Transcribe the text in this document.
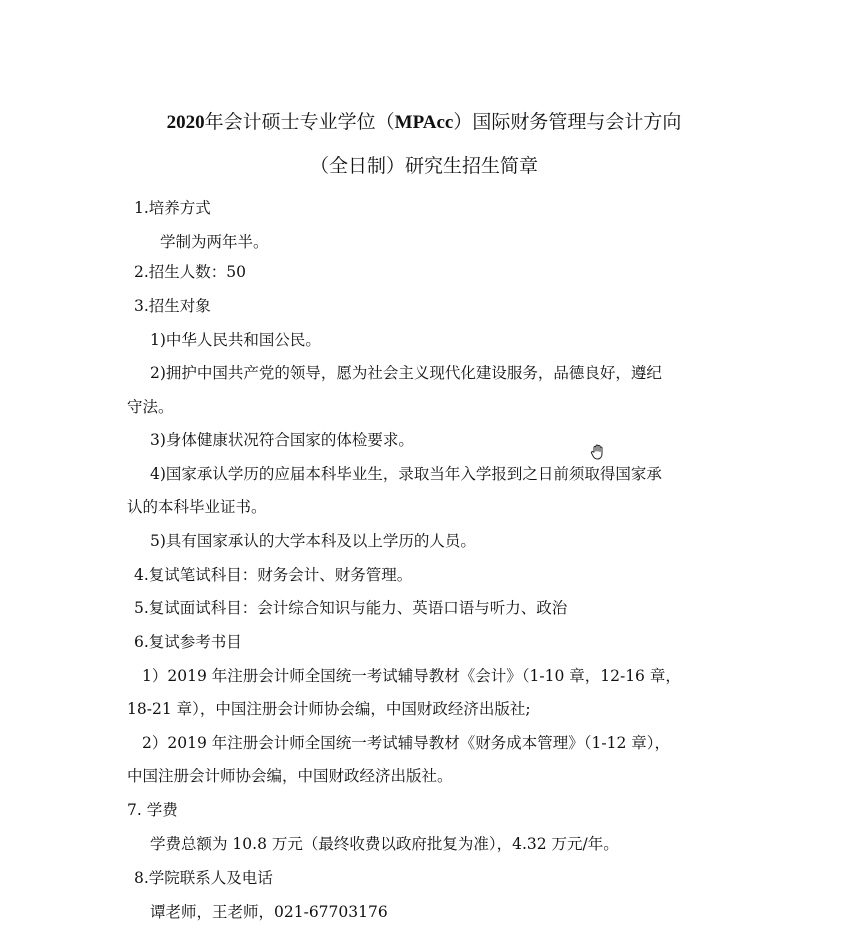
2020年会计硕士专业学位（MPAcc）国际财务管理与会计方向
（全日制）研究生招生简章
1.培养方式
学制为两年半。
2.招生人数：50
3.招生对象
1)中华人民共和国公民。
2)拥护中国共产党的领导，愿为社会主义现代化建设服务，品德良好，遵纪
守法。
3)身体健康状况符合国家的体检要求。
4)国家承认学历的应届本科毕业生，录取当年入学报到之日前须取得国家承
认的本科毕业证书。
5)具有国家承认的大学本科及以上学历的人员。
4.复试笔试科目：财务会计、财务管理。
5.复试面试科目：会计综合知识与能力、英语口语与听力、政治
6.复试参考书目
1）2019 年注册会计师全国统一考试辅导教材《会计》（1-10 章，12-16 章，
18-21 章），中国注册会计师协会编，中国财政经济出版社;
2）2019 年注册会计师全国统一考试辅导教材《财务成本管理》（1-12 章），
中国注册会计师协会编，中国财政经济出版社。
7. 学费
学费总额为 10.8 万元（最终收费以政府批复为准），4.32 万元/年。
8.学院联系人及电话
谭老师，王老师，021-67703176
